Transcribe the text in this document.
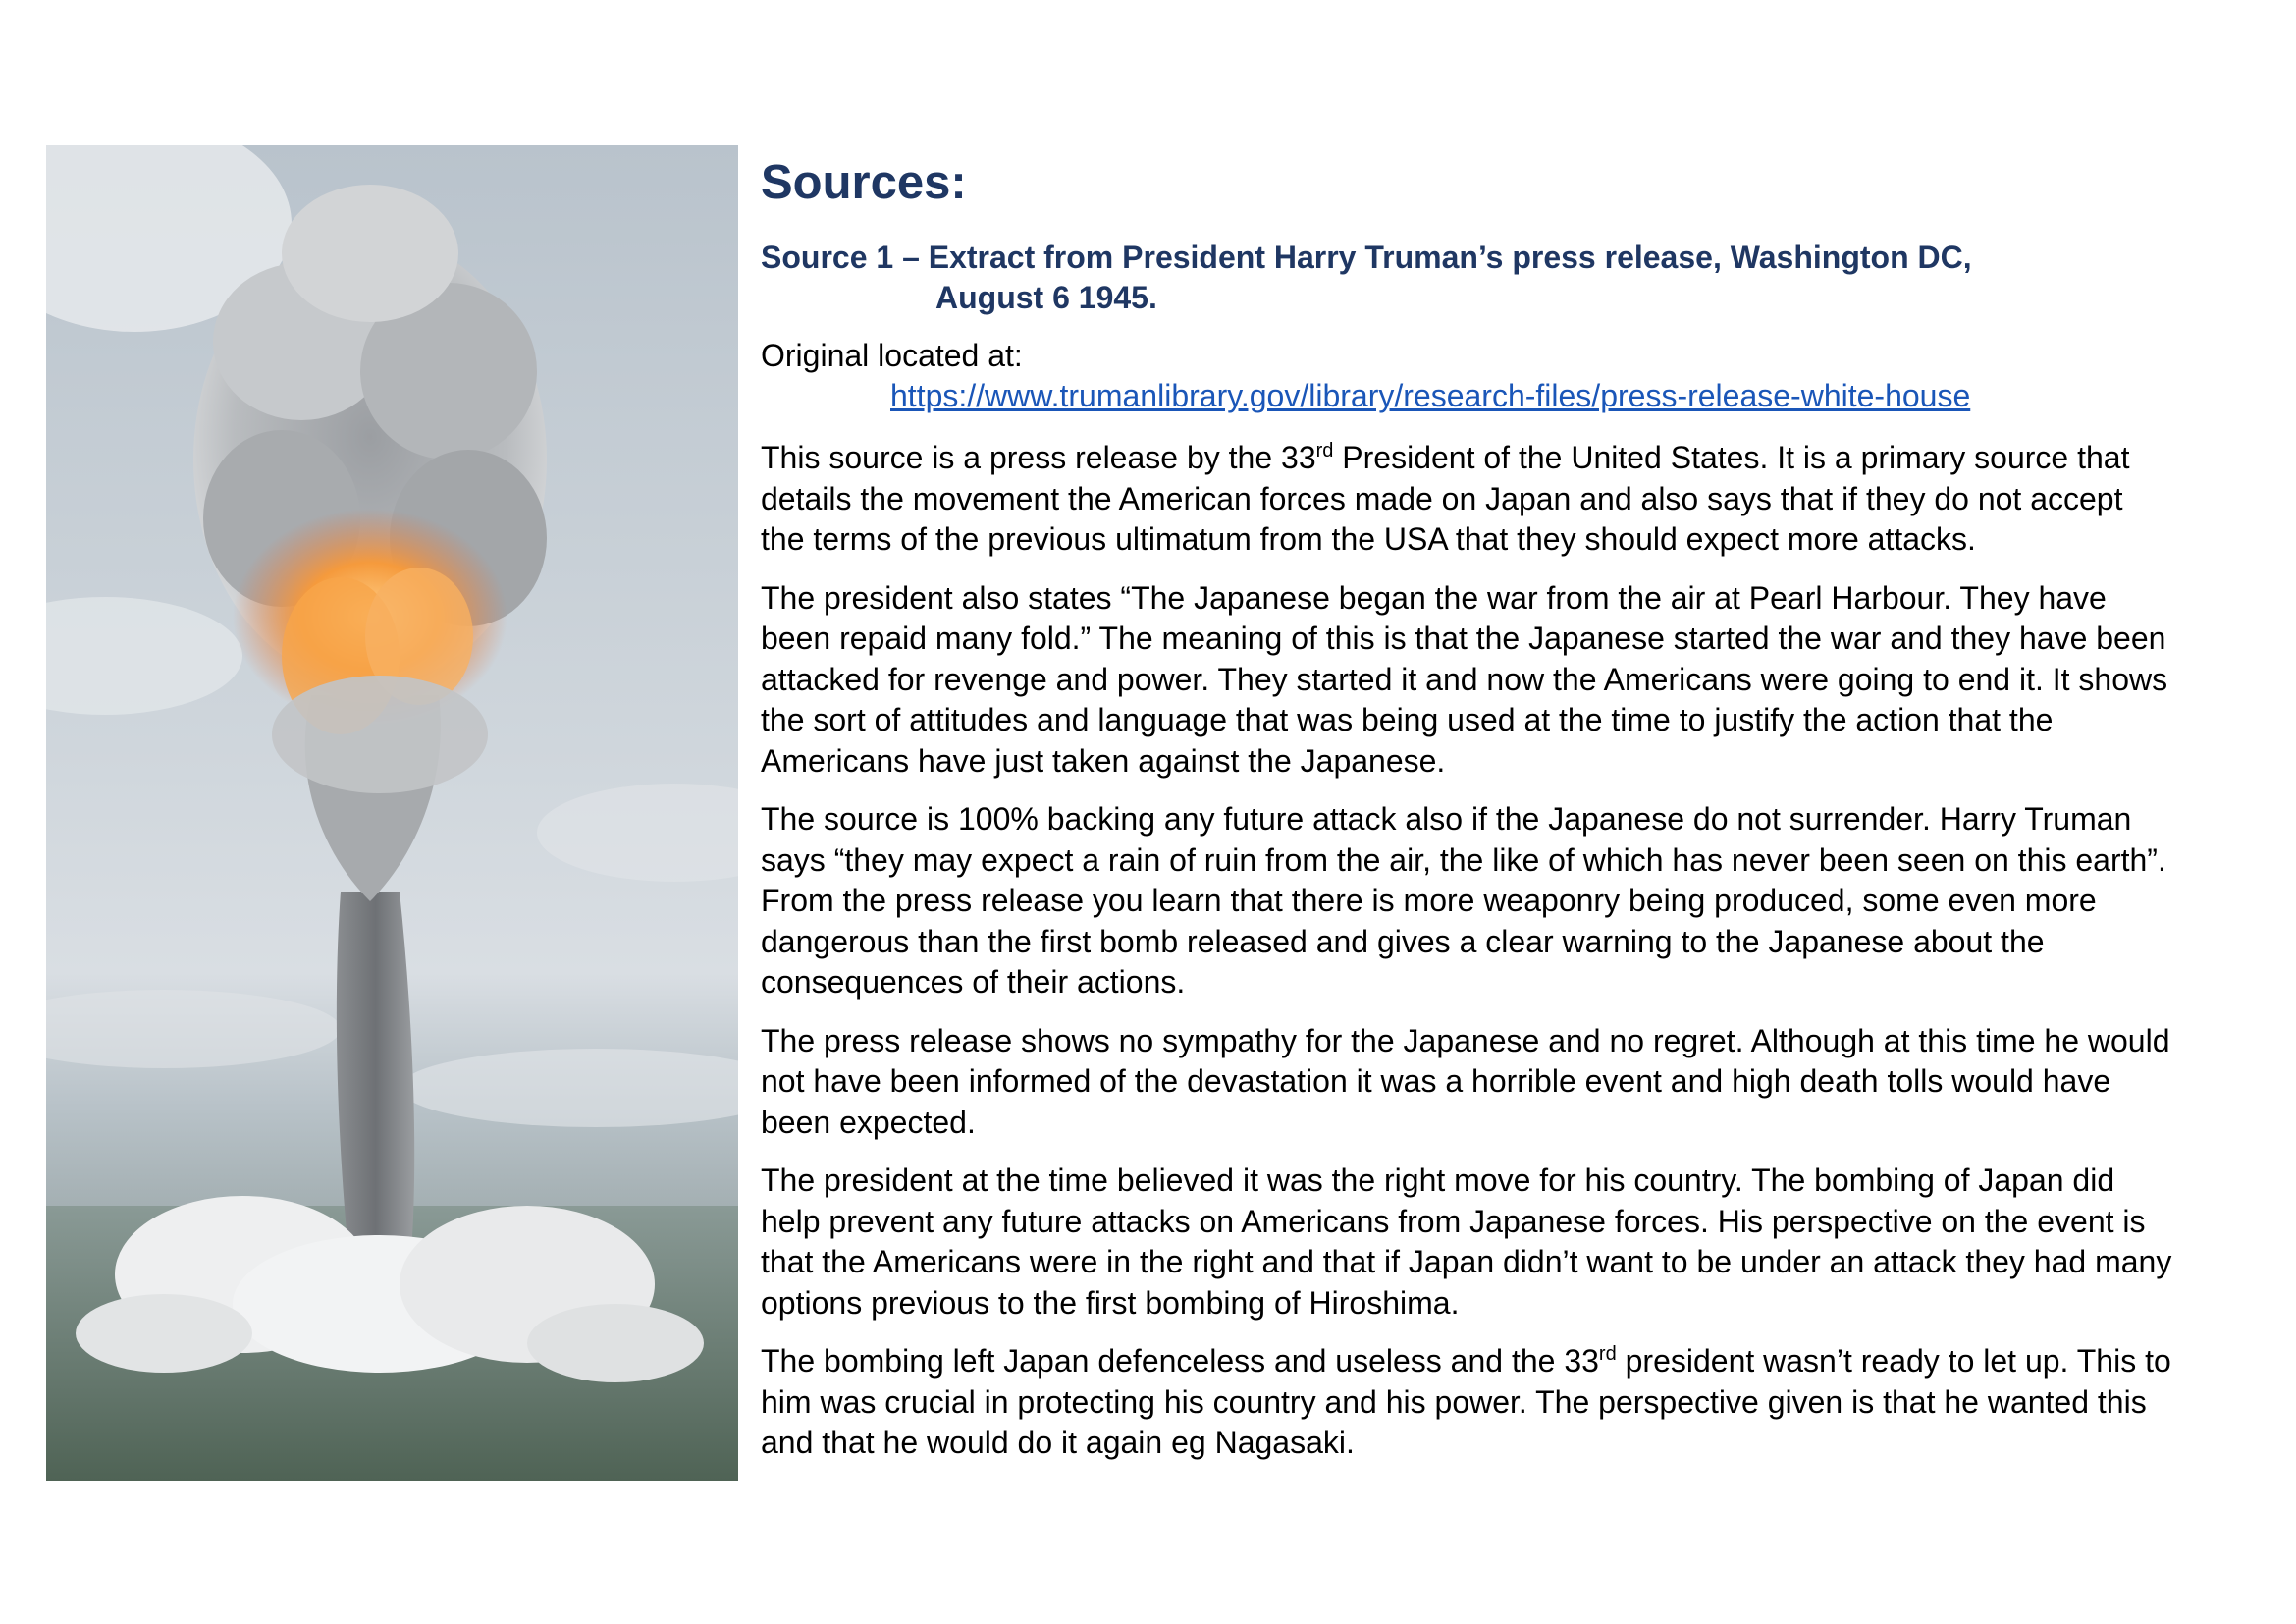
Sources:
Source 1 – Extract from President Harry Truman’s press release, Washington DC,
August 6 1945.

Original located at:

https://www.trumanlibrary.gov/library/research-files/press-release-white-house

This source is a press release by the 33rd President of the United States. It is a primary source that details the movement the American forces made on Japan and also says that if they do not accept the terms of the previous ultimatum from the USA that they should expect more attacks.

The president also states “The Japanese began the war from the air at Pearl Harbour. They have been repaid many fold.” The meaning of this is that the Japanese started the war and they have been attacked for revenge and power. They started it and now the Americans were going to end it. It shows the sort of attitudes and language that was being used at the time to justify the action that the Americans have just taken against the Japanese.

The source is 100% backing any future attack also if the Japanese do not surrender. Harry Truman says “they may expect a rain of ruin from the air, the like of which has never been seen on this earth”. From the press release you learn that there is more weaponry being produced, some even more dangerous than the first bomb released and gives a clear warning to the Japanese about the consequences of their actions.

The press release shows no sympathy for the Japanese and no regret. Although at this time he would not have been informed of the devastation it was a horrible event and high death tolls would have been expected.

The president at the time believed it was the right move for his country. The bombing of Japan did help prevent any future attacks on Americans from Japanese forces. His perspective on the event is that the Americans were in the right and that if Japan didn’t want to be under an attack they had many options previous to the first bombing of Hiroshima.

The bombing left Japan defenceless and useless and the 33rd president wasn’t ready to let up. This to him was crucial in protecting his country and his power. The perspective given is that he wanted this and that he would do it again eg Nagasaki.
